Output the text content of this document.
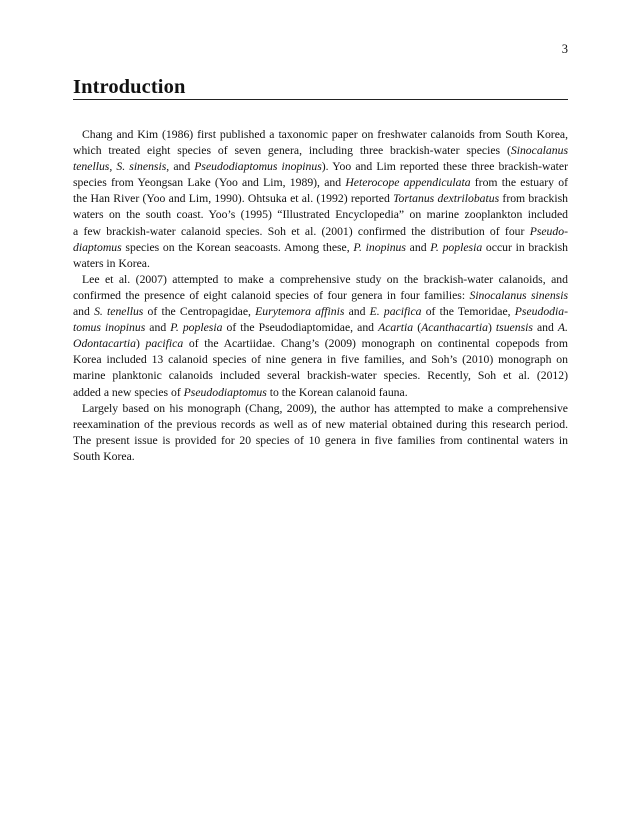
3
Introduction
Chang and Kim (1986) first published a taxonomic paper on freshwater calanoids from South Korea,
which treated eight species of seven genera, including three brackish-water species (Sinocalanus
tenellus, S. sinensis, and Pseudodiaptomus inopinus). Yoo and Lim reported these three brackish-water
species from Yeongsan Lake (Yoo and Lim, 1989), and Heterocope appendiculata from the estuary of
the Han River (Yoo and Lim, 1990). Ohtsuka et al. (1992) reported Tortanus dextrilobatus from brackish
waters on the south coast. Yoo’s (1995) “Illustrated Encyclopedia” on marine zooplankton included
a few brackish-water calanoid species. Soh et al. (2001) confirmed the distribution of four Pseudo-
diaptomus species on the Korean seacoasts. Among these, P. inopinus and P. poplesia occur in brackish
waters in Korea.
Lee et al. (2007) attempted to make a comprehensive study on the brackish-water calanoids, and
confirmed the presence of eight calanoid species of four genera in four families: Sinocalanus sinensis
and S. tenellus of the Centropagidae, Eurytemora affinis and E. pacifica of the Temoridae, Pseudodia-
tomus inopinus and P. poplesia of the Pseudodiaptomidae, and Acartia (Acanthacartia) tsuensis and A.
Odontacartia) pacifica of the Acartiidae. Chang’s (2009) monograph on continental copepods from
Korea included 13 calanoid species of nine genera in five families, and Soh’s (2010) monograph on
marine planktonic calanoids included several brackish-water species. Recently, Soh et al. (2012)
added a new species of Pseudodiaptomus to the Korean calanoid fauna.
Largely based on his monograph (Chang, 2009), the author has attempted to make a comprehensive
reexamination of the previous records as well as of new material obtained during this research period.
The present issue is provided for 20 species of 10 genera in five families from continental waters in
South Korea.
